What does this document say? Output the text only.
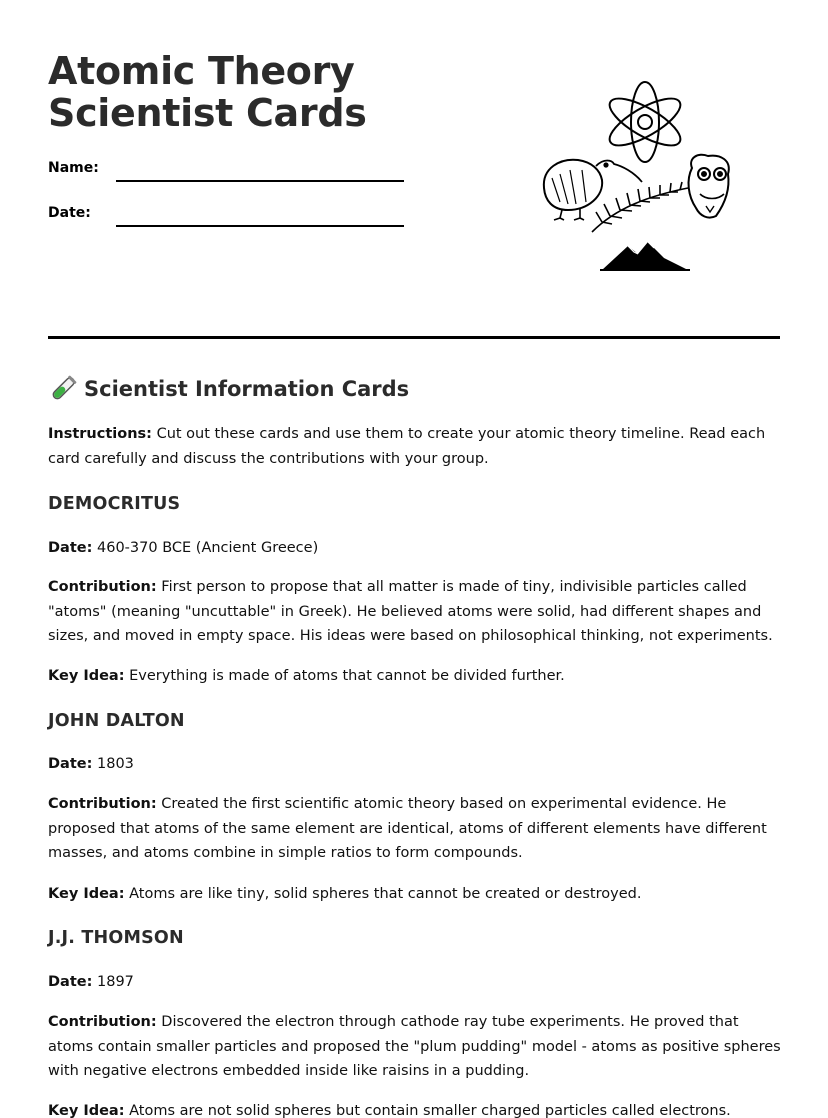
Atomic Theory Scientist Cards
Name:
Date:
Scientist Information Cards

Instructions: Cut out these cards and use them to create your atomic theory timeline. Read each card carefully and discuss the contributions with your group.

DEMOCRITUS

Date: 460-370 BCE (Ancient Greece)

Contribution: First person to propose that all matter is made of tiny, indivisible particles called "atoms" (meaning "uncuttable" in Greek). He believed atoms were solid, had different shapes and sizes, and moved in empty space. His ideas were based on philosophical thinking, not experiments.

Key Idea: Everything is made of atoms that cannot be divided further.

JOHN DALTON

Date: 1803

Contribution: Created the first scientific atomic theory based on experimental evidence. He proposed that atoms of the same element are identical, atoms of different elements have different masses, and atoms combine in simple ratios to form compounds.

Key Idea: Atoms are like tiny, solid spheres that cannot be created or destroyed.

J.J. THOMSON

Date: 1897

Contribution: Discovered the electron through cathode ray tube experiments. He proved that atoms contain smaller particles and proposed the "plum pudding" model - atoms as positive spheres with negative electrons embedded inside like raisins in a pudding.

Key Idea: Atoms are not solid spheres but contain smaller charged particles called electrons.
